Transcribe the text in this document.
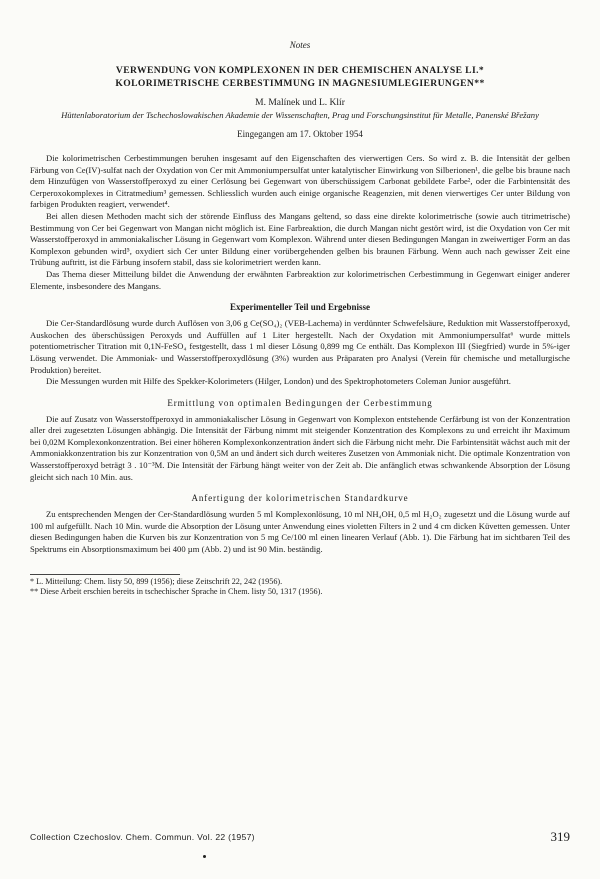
Notes
VERWENDUNG VON KOMPLEXONEN IN DER CHEMISCHEN ANALYSE LI.*
KOLORIMETRISCHE CERBESTIMMUNG IN MAGNESIUMLEGIERUNGEN**
M. Malínek und L. Klír
Hüttenlaboratorium der Tschechoslowakischen Akademie der Wissenschaften, Prag und Forschungsinstitut für Metalle, Panenské Břežany
Eingegangen am 17. Oktober 1954

Die kolorimetrischen Cerbestimmungen beruhen insgesamt auf den Eigenschaften des vierwertigen Cers. So wird z. B. die Intensität der gelben Färbung von Ce(IV)-sulfat nach der Oxydation von Cer mit Ammoniumpersulfat unter katalytischer Einwirkung von Silberionen¹, die gelbe bis braune nach dem Hinzufügen von Wasserstoffperoxyd zu einer Cerlösung bei Gegenwart von überschüssigem Carbonat gebildete Farbe², oder die Farbintensität des Cerperoxokomplexes in Citratmedium³ gemessen. Schliesslich wurden auch einige organische Reagenzien, mit denen vierwertiges Cer unter Bildung von farbigen Produkten reagiert, verwendet⁴.

Bei allen diesen Methoden macht sich der störende Einfluss des Mangans geltend, so dass eine direkte kolorimetrische (sowie auch titrimetrische) Bestimmung von Cer bei Gegenwart von Mangan nicht möglich ist. Eine Farbreaktion, die durch Mangan nicht gestört wird, ist die Oxydation von Cer mit Wasserstoffperoxyd in ammoniakalischer Lösung in Gegenwart vom Komplexon. Während unter diesen Bedingungen Mangan in zweiwertiger Form an das Komplexon gebunden wird⁵, oxydiert sich Cer unter Bildung einer vorübergehenden gelben bis braunen Färbung. Wenn auch nach gewisser Zeit eine Trübung auftritt, ist die Färbung insofern stabil, dass sie kolorimetriert werden kann.

Das Thema dieser Mitteilung bildet die Anwendung der erwähnten Farbreaktion zur kolorimetrischen Cerbestimmung in Gegenwart einiger anderer Elemente, insbesondere des Mangans.

Experimenteller Teil und Ergebnisse

Die Cer-Standardlösung wurde durch Auflösen von 3,06 g Ce(SO₄)₂ (VEB-Lachema) in verdünnter Schwefelsäure, Reduktion mit Wasserstoffperoxyd, Auskochen des überschüssigen Peroxyds und Auffüllen auf 1 Liter hergestellt. Nach der Oxydation mit Ammoniumpersulfat⁶ wurde mittels potentiometrischer Titration mit 0,1N-FeSO₄ festgestellt, dass 1 ml dieser Lösung 0,899 mg Ce enthält. Das Komplexon III (Siegfried) wurde in 5%-iger Lösung verwendet. Die Ammoniak- und Wasserstoffperoxydlösung (3%) wurden aus Präparaten pro Analysi (Verein für chemische und metallurgische Produktion) bereitet.

Die Messungen wurden mit Hilfe des Spekker-Kolorimeters (Hilger, London) und des Spektrophotometers Coleman Junior ausgeführt.

Ermittlung von optimalen Bedingungen der Cerbestimmung

Die auf Zusatz von Wasserstoffperoxyd in ammoniakalischer Lösung in Gegenwart von Komplexon entstehende Cerfärbung ist von der Konzentration aller drei zugesetzten Lösungen abhängig. Die Intensität der Färbung nimmt mit steigender Konzentration des Komplexons zu und erreicht ihr Maximum bei 0,02M Komplexonkonzentration. Bei einer höheren Komplexonkonzentration ändert sich die Färbung nicht mehr. Die Farbintensität wächst auch mit der Ammoniakkonzentration bis zur Konzentration von 0,5M an und ändert sich durch weiteres Zusetzen von Ammoniak nicht. Die optimale Konzentration von Wasserstoffperoxyd beträgt 3 . 10⁻³M. Die Intensität der Färbung hängt weiter von der Zeit ab. Die anfänglich etwas schwankende Absorption der Lösung gleicht sich nach 10 Min. aus.

Anfertigung der kolorimetrischen Standardkurve

Zu entsprechenden Mengen der Cer-Standardlösung wurden 5 ml Komplexonlösung, 10 ml NH₄OH, 0,5 ml H₂O₂ zugesetzt und die Lösung wurde auf 100 ml aufgefüllt. Nach 10 Min. wurde die Absorption der Lösung unter Anwendung eines violetten Filters in 2 und 4 cm dicken Küvetten gemessen. Unter diesen Bedingungen haben die Kurven bis zur Konzentration von 5 mg Ce/100 ml einen linearen Verlauf (Abb. 1). Die Färbung hat im sichtbaren Teil des Spektrums ein Absorptionsmaximum bei 400 µm (Abb. 2) und ist 90 Min. beständig.

* L. Mitteilung: Chem. listy 50, 899 (1956); diese Zeitschrift 22, 242 (1956).
** Diese Arbeit erschien bereits in tschechischer Sprache in Chem. listy 50, 1317 (1956).
Collection Czechoslov. Chem. Commun. Vol. 22 (1957)	319
